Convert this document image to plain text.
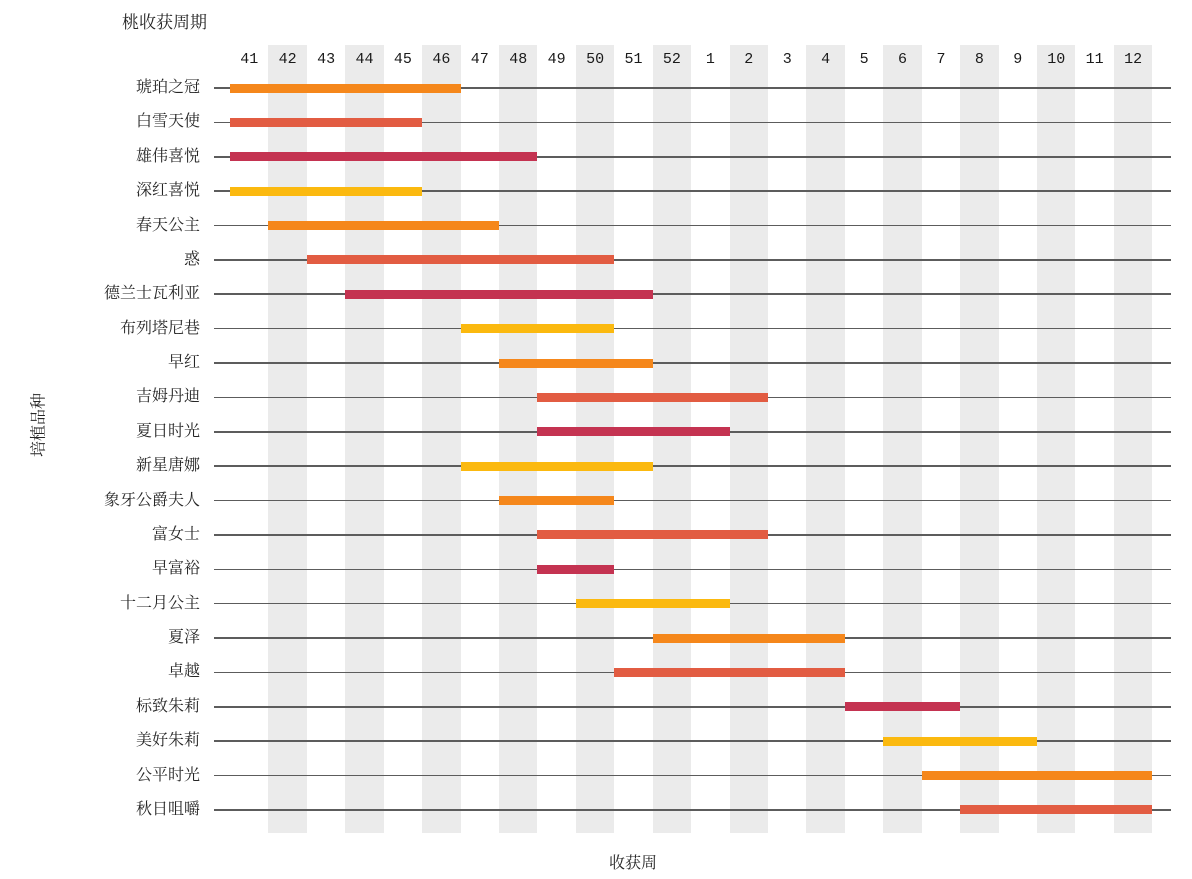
桃收获周期
培植品种
收获周
41	42	43	44	45	46	47	48	49	50	51	52	1	2	3	4	5	6	7	8	9	10	11	12
琥珀之冠
白雪天使
雄伟喜悦
深红喜悦
春天公主
惑
德兰士瓦利亚
布列塔尼巷
早红
吉姆丹迪
夏日时光
新星唐娜
象牙公爵夫人
富女士
早富裕
十二月公主
夏泽
卓越
标致朱莉
美好朱莉
公平时光
秋日咀嚼
